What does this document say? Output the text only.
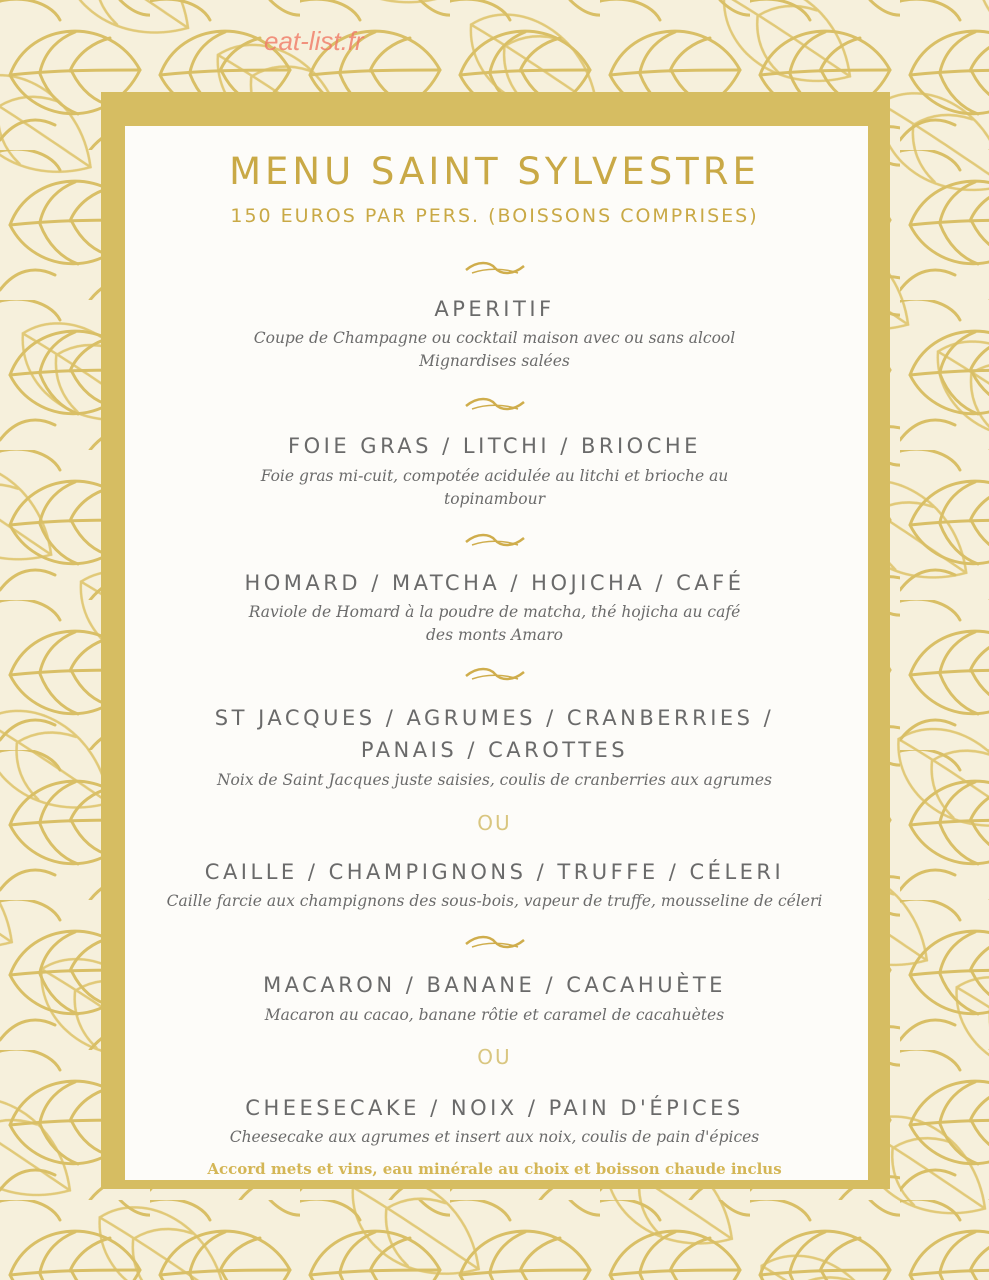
eat-list.fr
MENU SAINT SYLVESTRE
150 EUROS PAR PERS. (BOISSONS COMPRISES)
APERITIF
Coupe de Champagne ou cocktail maison avec ou sans alcool
Mignardises salées
FOIE GRAS / LITCHI / BRIOCHE
Foie gras mi-cuit, compotée acidulée au litchi et brioche au
topinambour
HOMARD / MATCHA / HOJICHA / CAFÉ
Raviole de Homard à la poudre de matcha, thé hojicha au café
des monts Amaro
ST JACQUES / AGRUMES / CRANBERRIES /
PANAIS / CAROTTES
Noix de Saint Jacques juste saisies, coulis de cranberries aux agrumes
OU
CAILLE / CHAMPIGNONS / TRUFFE / CÉLERI
Caille farcie aux champignons des sous-bois, vapeur de truffe, mousseline de céleri
MACARON / BANANE / CACAHUÈTE
Macaron au cacao, banane rôtie et caramel de cacahuètes
OU
CHEESECAKE / NOIX / PAIN D'ÉPICES
Cheesecake aux agrumes et insert aux noix, coulis de pain d'épices
Accord mets et vins, eau minérale au choix et boisson chaude inclus
